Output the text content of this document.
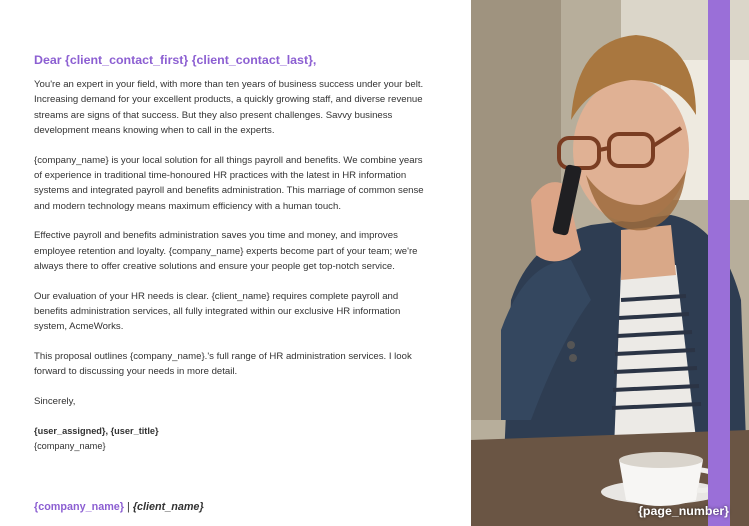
Dear {client_contact_first} {client_contact_last},

You're an expert in your field, with more than ten years of business success under your belt. Increasing demand for your excellent products, a quickly growing staff, and diverse revenue streams are signs of that success. But they also present challenges. Savvy business development means knowing when to call in the experts.

{company_name} is your local solution for all things payroll and benefits. We combine years of experience in traditional time-honoured HR practices with the latest in HR information systems and integrated payroll and benefits administration. This marriage of common sense and modern technology means maximum efficiency with a human touch.

Effective payroll and benefits administration saves you time and money, and improves employee retention and loyalty. {company_name} experts become part of your team; we're always there to offer creative solutions and ensure your people get top-notch service.

Our evaluation of your HR needs is clear. {client_name} requires complete payroll and benefits administration services, all fully integrated within our exclusive HR information system, AcmeWorks.

This proposal outlines {company_name}.'s full range of HR administration services. I look forward to discussing your needs in more detail.

Sincerely,

{user_assigned}, {user_title}
{company_name}
{company_name} | {client_name}	{page_number}
